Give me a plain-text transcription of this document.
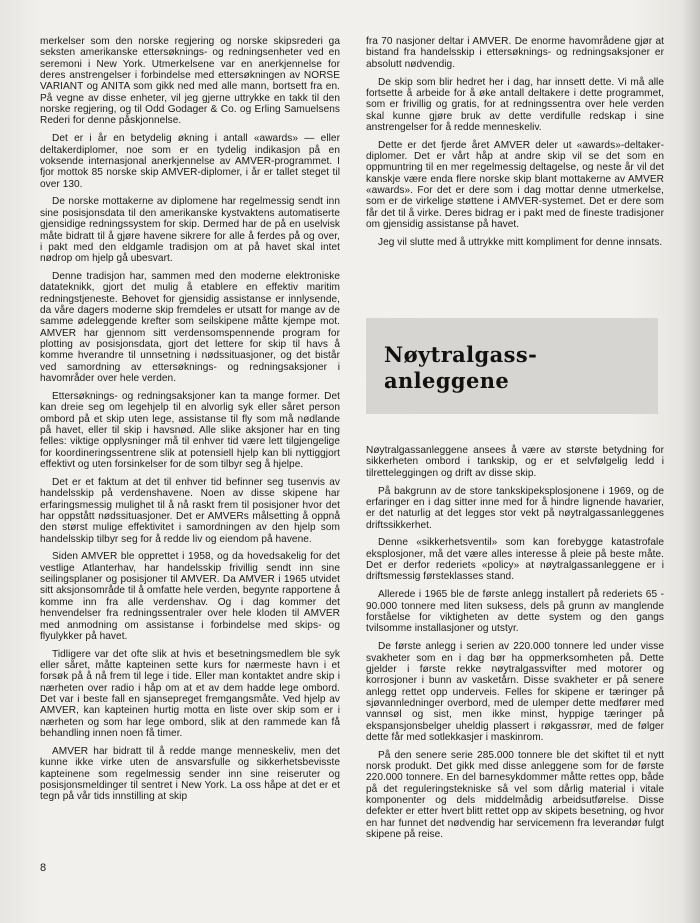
merkelser som den norske regjering og norske skipsrederi ga seksten amerikanske ettersøknings- og redningsenheter ved en seremoni i New York. Utmerkelsene var en anerkjennelse for deres anstrengelser i forbindelse med ettersøkningen av NORSE VARIANT og ANITA som gikk ned med alle mann, bortsett fra en. På vegne av disse enheter, vil jeg gjerne uttrykke en takk til den norske regjering, og til Odd Godager & Co. og Erling Samuelsens Rederi for denne påskjonnelse.

Det er i år en betydelig økning i antall «awards» — eller deltakerdiplomer, noe som er en tydelig indikasjon på en voksende internasjonal anerkjennelse av AMVER-programmet. I fjor mottok 85 norske skip AMVER-diplomer, i år er tallet steget til over 130.

De norske mottakerne av diplomene har regelmessig sendt inn sine posisjonsdata til den amerikanske kystvaktens automatiserte gjensidige redningssystem for skip. Dermed har de på en uselvisk måte bidratt til å gjøre havene sikrere for alle å ferdes på og over, i pakt med den eldgamle tradisjon om at på havet skal intet nødrop om hjelp gå ubesvart.

Denne tradisjon har, sammen med den moderne elektroniske datateknikk, gjort det mulig å etablere en effektiv maritim redningstjeneste. Behovet for gjensidig assistanse er innlysende, da våre dagers moderne skip fremdeles er utsatt for mange av de samme ødeleggende krefter som seilskipene måtte kjempe mot. AMVER har gjennom sitt verdensomspennende program for plotting av posisjonsdata, gjort det lettere for skip til havs å komme hverandre til unnsetning i nødssituasjoner, og det bistår ved samordning av ettersøknings- og redningsaksjoner i havområder over hele verden.

Ettersøknings- og redningsaksjoner kan ta mange former. Det kan dreie seg om legehjelp til en alvorlig syk eller såret person ombord på et skip uten lege, assistanse til fly som må nødlande på havet, eller til skip i havsnød. Alle slike aksjoner har en ting felles: viktige opplysninger må til enhver tid være lett tilgjengelige for koordineringssentrene slik at potensiell hjelp kan bli nyttiggjort effektivt og uten forsinkelser for de som tilbyr seg å hjelpe.

Det er et faktum at det til enhver tid befinner seg tusenvis av handelsskip på verdenshavene. Noen av disse skipene har erfaringsmessig mulighet til å nå raskt frem til posisjoner hvor det har oppstått nødssituasjoner. Det er AMVERs målsetting å oppnå den størst mulige effektivitet i samordningen av den hjelp som handelsskip tilbyr seg for å redde liv og eiendom på havene.

Siden AMVER ble opprettet i 1958, og da hovedsakelig for det vestlige Atlanterhav, har handelsskip frivillig sendt inn sine seilingsplaner og posisjoner til AMVER. Da AMVER i 1965 utvidet sitt aksjonsområde til å omfatte hele verden, begynte rapportene å komme inn fra alle verdenshav. Og i dag kommer det henvendelser fra redningssentraler over hele kloden til AMVER med anmodning om assistanse i forbindelse med skips- og flyulykker på havet.

Tidligere var det ofte slik at hvis et besetningsmedlem ble syk eller såret, måtte kapteinen sette kurs for nærmeste havn i et forsøk på å nå frem til lege i tide. Eller man kontaktet andre skip i nærheten over radio i håp om at et av dem hadde lege ombord. Det var i beste fall en sjansepreget fremgangsmåte. Ved hjelp av AMVER, kan kapteinen hurtig motta en liste over skip som er i nærheten og som har lege ombord, slik at den rammede kan få behandling innen noen få timer.

AMVER har bidratt til å redde mange menneskeliv, men det kunne ikke virke uten de ansvarsfulle og sikkerhetsbevisste kapteinene som regelmessig sender inn sine reiseruter og posisjonsmeldinger til sentret i New York. La oss håpe at det er et tegn på vår tids innstilling at skip

fra 70 nasjoner deltar i AMVER. De enorme havområdene gjør at bistand fra handelsskip i ettersøknings- og redningsaksjoner er absolutt nødvendig.

De skip som blir hedret her i dag, har innsett dette. Vi må alle fortsette å arbeide for å øke antall deltakere i dette programmet, som er frivillig og gratis, for at redningssentra over hele verden skal kunne gjøre bruk av dette verdifulle redskap i sine anstrengelser for å redde menneskeliv.

Dette er det fjerde året AMVER deler ut «awards»-deltaker-diplomer. Det er vårt håp at andre skip vil se det som en oppmuntring til en mer regelmessig deltagelse, og neste år vil det kanskje være enda flere norske skip blant mottakerne av AMVER «awards». For det er dere som i dag mottar denne utmerkelse, som er de virkelige støttene i AMVER-systemet. Det er dere som får det til å virke. Deres bidrag er i pakt med de fineste tradisjoner om gjensidig assistanse på havet.

Jeg vil slutte med å uttrykke mitt kompliment for denne innsats.

Nøytralgass-
anleggene

Nøytralgassanleggene ansees å være av største betydning for sikkerheten ombord i tankskip, og er et selvfølgelig ledd i tilretteleggingen og drift av disse skip.

På bakgrunn av de store tankskipeksplosjonene i 1969, og de erfaringer en i dag sitter inne med for å hindre lignende havarier, er det naturlig at det legges stor vekt på nøytralgassanleggenes driftssikkerhet.

Denne «sikkerhetsventil» som kan forebygge katastrofale eksplosjoner, må det være alles interesse å pleie på beste måte. Det er derfor rederiets «policy» at nøytralgassanleggene er i driftsmessig førsteklasses stand.

Allerede i 1965 ble de første anlegg installert på rederiets 65 - 90.000 tonnere med liten suksess, dels på grunn av manglende forståelse for viktigheten av dette system og den gangs tvilsomme installasjoner og utstyr.

De første anlegg i serien av 220.000 tonnere led under visse svakheter som en i dag bør ha oppmerksomheten på. Dette gjelder i første rekke nøytralgassvifter med motorer og korrosjoner i bunn av vasketårn. Disse svakheter er på senere anlegg rettet opp underveis. Felles for skipene er tæringer på sjøvannledninger overbord, med de ulemper dette medfører med vannsøl og sist, men ikke minst, hyppige tæringer på ekspansjonsbelger uheldig plassert i røkgassrør, med de følger dette får med sotlekkasjer i maskinrom.

På den senere serie 285.000 tonnere ble det skiftet til et nytt norsk produkt. Det gikk med disse anleggene som for de første 220.000 tonnere. En del barnesykdommer måtte rettes opp, både på det reguleringstekniske så vel som dårlig material i vitale komponenter og dels middelmådig arbeidsutførelse. Disse defekter er etter hvert blitt rettet opp av skipets besetning, og hvor en har funnet det nødvendig har servicemenn fra leverandør fulgt skipene på reise.

8
